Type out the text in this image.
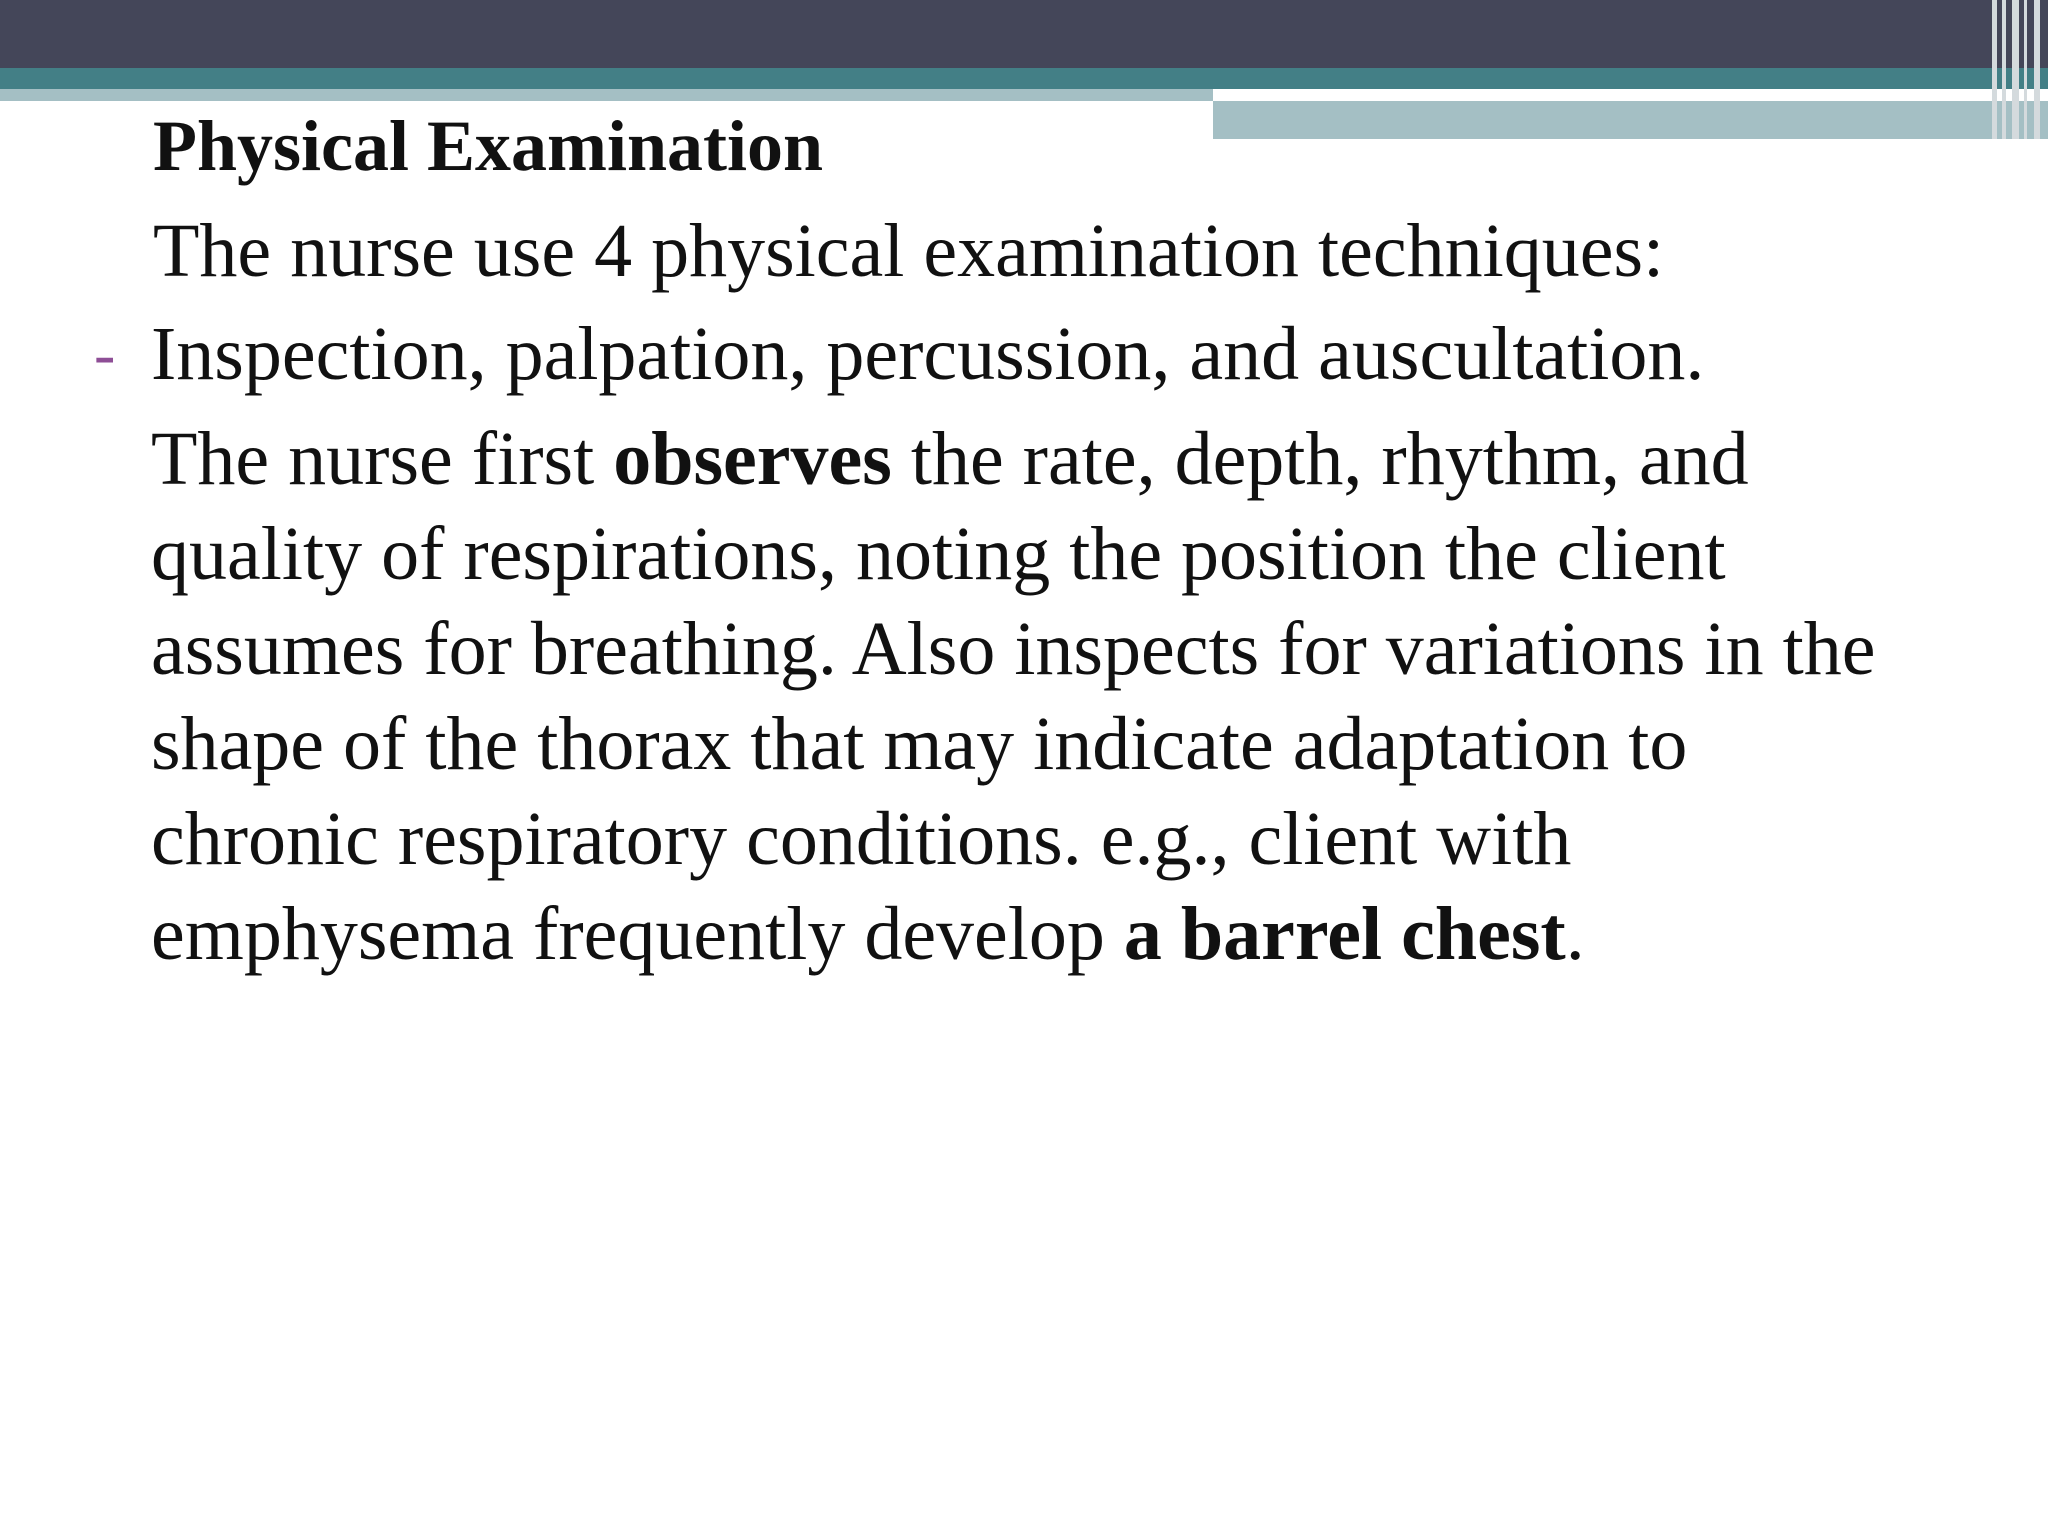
Physical Examination
The nurse use 4 physical examination techniques:
- Inspection, palpation, percussion, and auscultation.
The nurse first observes the rate, depth, rhythm, and
quality of respirations, noting the position the client
assumes for breathing. Also inspects for variations in the
shape of the thorax that may indicate adaptation to
chronic respiratory conditions. e.g., client with
emphysema frequently develop a barrel chest.
